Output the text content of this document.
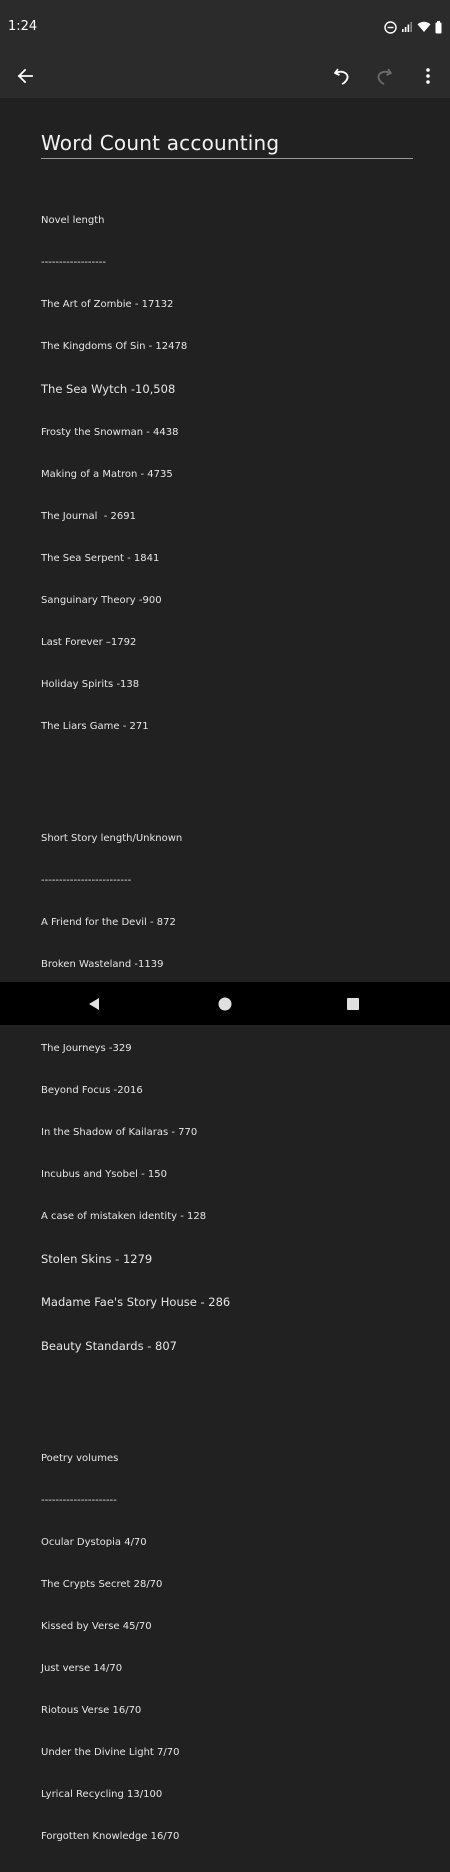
1:24
Word Count accounting

Novel length

------------------

The Art of Zombie - 17132

The Kingdoms Of Sin - 12478

The Sea Wytch -10,508

Frosty the Snowman - 4438

Making of a Matron - 4735

The Journal  - 2691

The Sea Serpent - 1841

Sanguinary Theory -900

Last Forever –1792

Holiday Spirits -138

The Liars Game - 271

Short Story length/Unknown

-------------------------

A Friend for the Devil - 872

Broken Wasteland -1139

The Journeys -329

Beyond Focus -2016

In the Shadow of Kailaras - 770

Incubus and Ysobel - 150

A case of mistaken identity - 128

Stolen Skins - 1279

Madame Fae's Story House - 286

Beauty Standards - 807

Poetry volumes

---------------------

Ocular Dystopia 4/70

The Crypts Secret 28/70

Kissed by Verse 45/70

Just verse 14/70

Riotous Verse 16/70

Under the Divine Light 7/70

Lyrical Recycling 13/100

Forgotten Knowledge 16/70
